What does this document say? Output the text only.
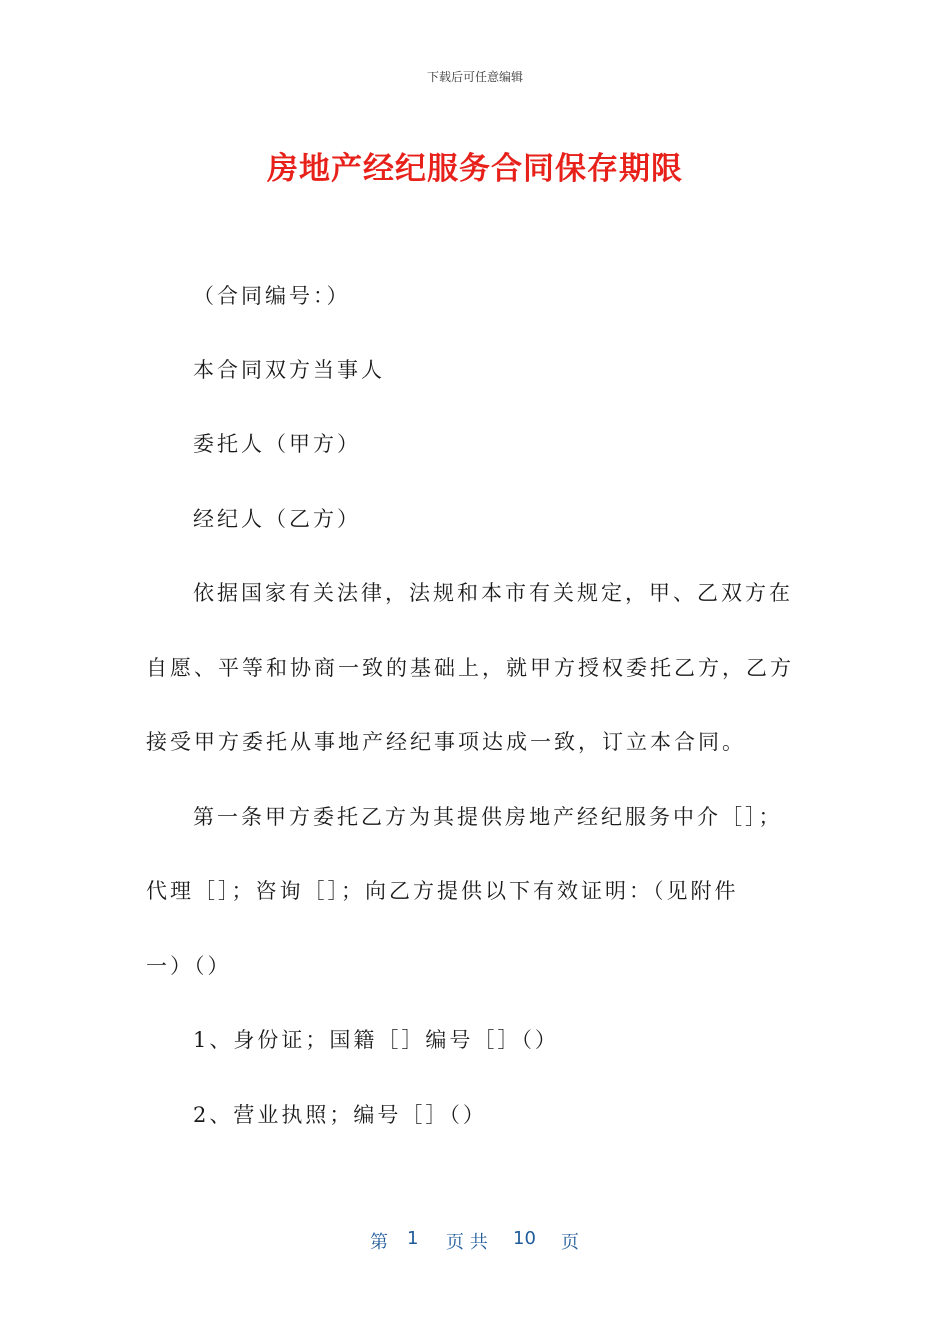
下载后可任意编辑
房地产经纪服务合同保存期限
（合同编号：）
本合同双方当事人
委托人（甲方）
经纪人（乙方）
依据国家有关法律，法规和本市有关规定，甲、乙双方在
自愿、平等和协商一致的基础上，就甲方授权委托乙方，乙方
接受甲方委托从事地产经纪事项达成一致，订立本合同。
第一条甲方委托乙方为其提供房地产经纪服务中介［］；
代理［］；咨询［］；向乙方提供以下有效证明：（见附件
一）（）
1、身份证；国籍［］编号［］（）
2、营业执照；编号［］（）
第 1 页 共 10 页
